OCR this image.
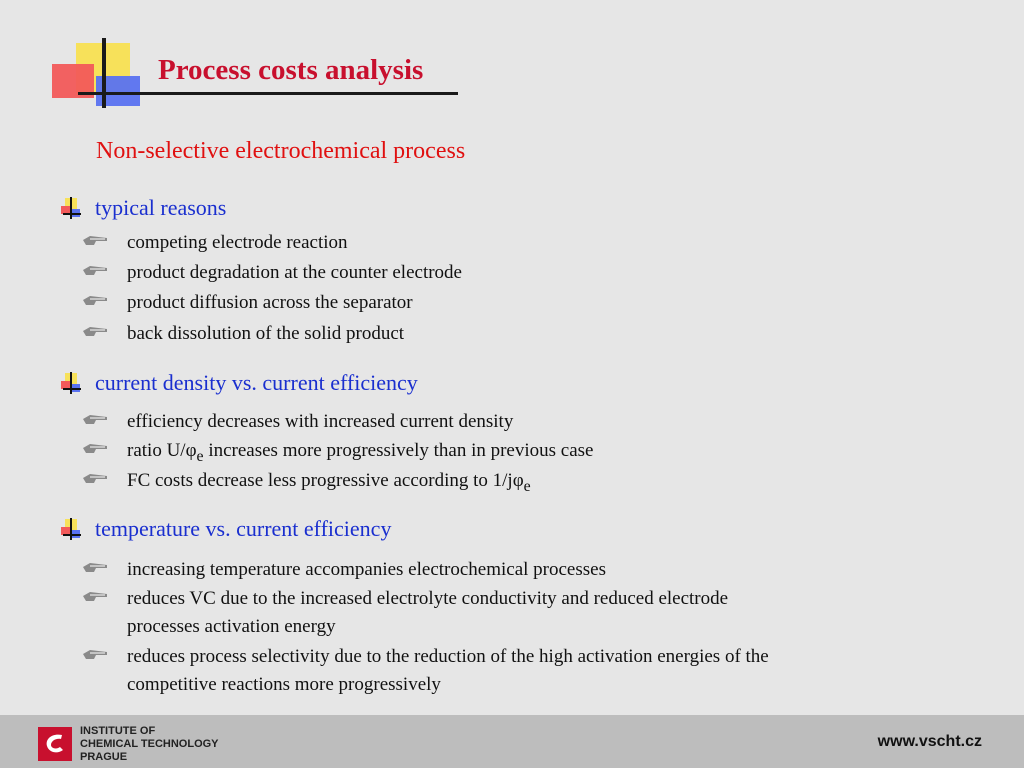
Process costs analysis
Non-selective electrochemical process
typical reasons
competing electrode reaction
product degradation at the counter electrode
product diffusion across the separator
back dissolution of the solid product
current density vs. current efficiency
efficiency decreases with increased current density
ratio $U/\varphi_e$ increases more progressively than in previous case
FC costs decrease less progressive according to $1/j\varphi_e$
temperature vs. current efficiency
increasing temperature accompanies electrochemical processes
reduces VC due to the increased electrolyte conductivity and reduced electrode processes activation energy
reduces process selectivity due to the reduction of the high activation energies of the competitive reactions more progressively
INSTITUTE OF
CHEMICAL TECHNOLOGY
PRAGUE
www.vscht.cz
